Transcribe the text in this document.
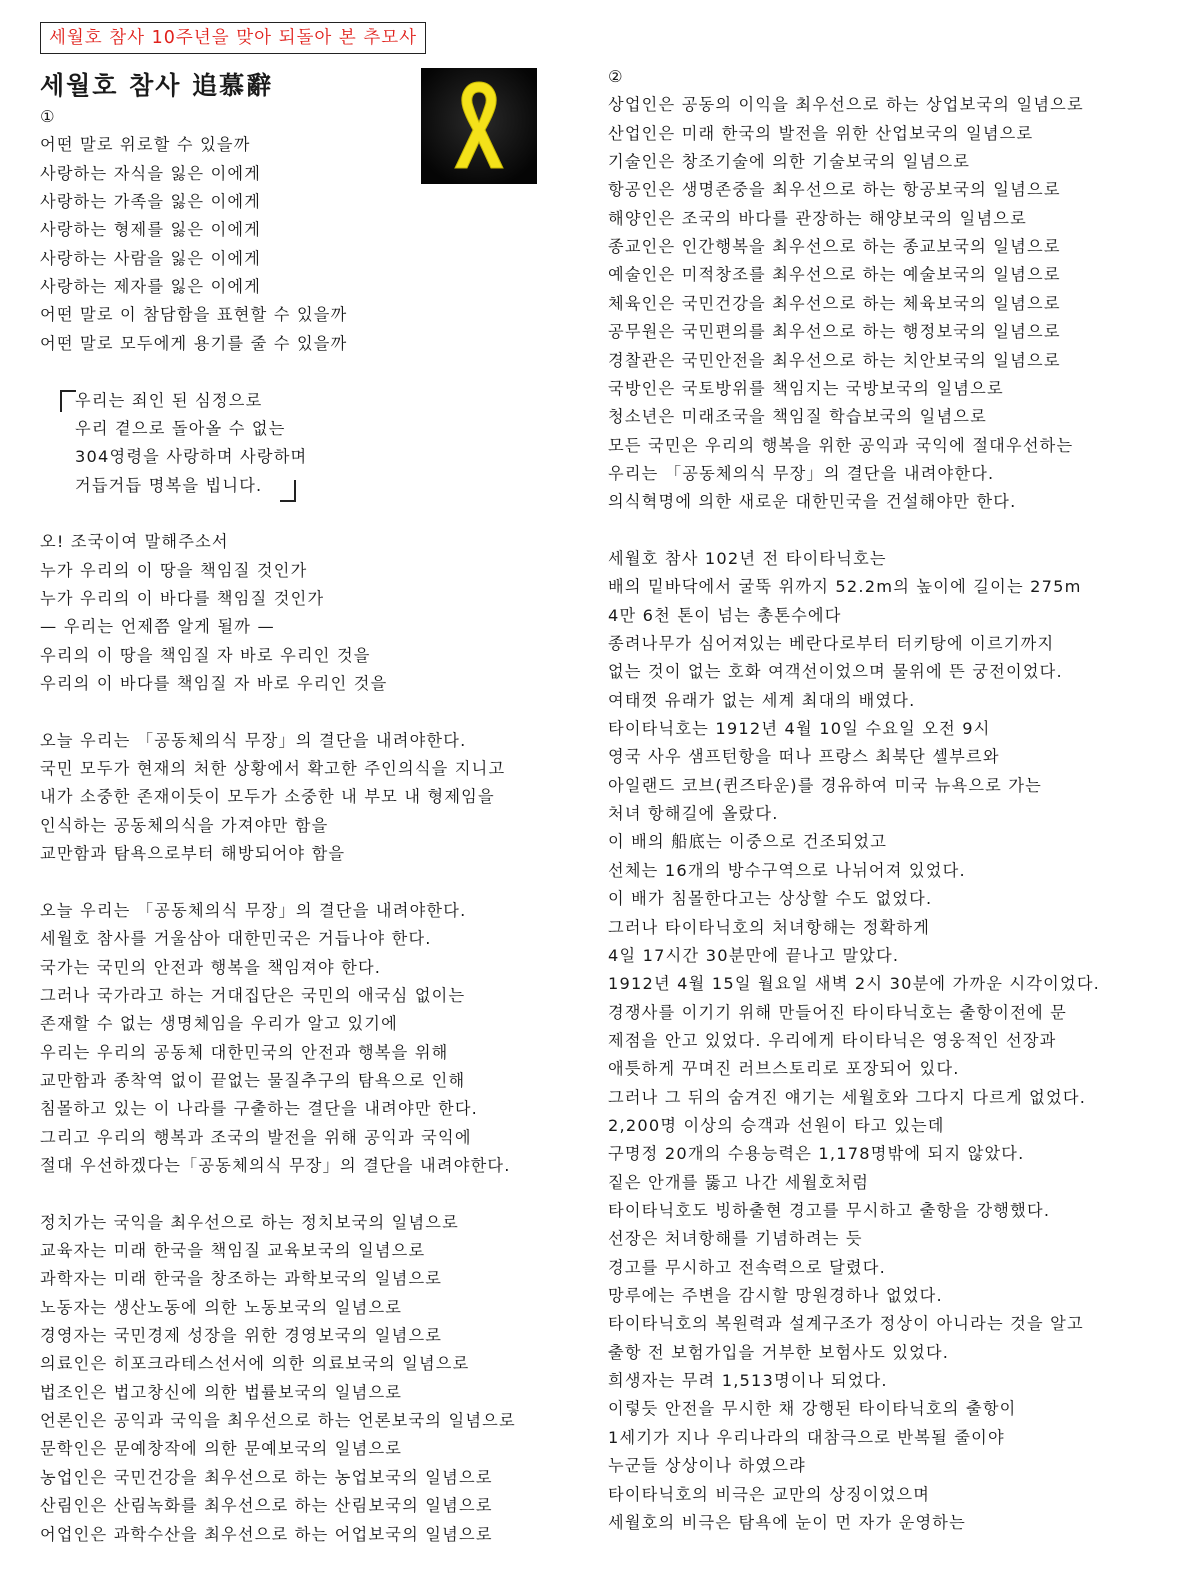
세월호 참사 10주년을 맞아 되돌아 본 추모사
세월호 참사 追慕辭
①
어떤 말로 위로할 수 있을까
사랑하는 자식을 잃은 이에게
사랑하는 가족을 잃은 이에게
사랑하는 형제를 잃은 이에게
사랑하는 사람을 잃은 이에게
사랑하는 제자를 잃은 이에게
어떤 말로 이 참담함을 표현할 수 있을까
어떤 말로 모두에게 용기를 줄 수 있을까
우리는 죄인 된 심정으로
우리 곁으로 돌아올 수 없는
304영령을 사랑하며 사랑하며
거듭거듭 명복을 빕니다.
오! 조국이여 말해주소서
누가 우리의 이 땅을 책임질 것인가
누가 우리의 이 바다를 책임질 것인가
— 우리는 언제쯤 알게 될까 —
우리의 이 땅을 책임질 자 바로 우리인 것을
우리의 이 바다를 책임질 자 바로 우리인 것을
오늘 우리는 「공동체의식 무장」의 결단을 내려야한다.
국민 모두가 현재의 처한 상황에서 확고한 주인의식을 지니고
내가 소중한 존재이듯이 모두가 소중한 내 부모 내 형제임을
인식하는 공동체의식을 가져야만 함을
교만함과 탐욕으로부터 해방되어야 함을
오늘 우리는 「공동체의식 무장」의 결단을 내려야한다.
세월호 참사를 거울삼아 대한민국은 거듭나야 한다.
국가는 국민의 안전과 행복을 책임져야 한다.
그러나 국가라고 하는 거대집단은 국민의 애국심 없이는
존재할 수 없는 생명체임을 우리가 알고 있기에
우리는 우리의 공동체 대한민국의 안전과 행복을 위해
교만함과 종착역 없이 끝없는 물질추구의 탐욕으로 인해
침몰하고 있는 이 나라를 구출하는 결단을 내려야만 한다.
그리고 우리의 행복과 조국의 발전을 위해 공익과 국익에
절대 우선하겠다는「공동체의식 무장」의 결단을 내려야한다.
정치가는 국익을 최우선으로 하는 정치보국의 일념으로
교육자는 미래 한국을 책임질 교육보국의 일념으로
과학자는 미래 한국을 창조하는 과학보국의 일념으로
노동자는 생산노동에 의한 노동보국의 일념으로
경영자는 국민경제 성장을 위한 경영보국의 일념으로
의료인은 히포크라테스선서에 의한 의료보국의 일념으로
법조인은 법고창신에 의한 법률보국의 일념으로
언론인은 공익과 국익을 최우선으로 하는 언론보국의 일념으로
문학인은 문예창작에 의한 문예보국의 일념으로
농업인은 국민건강을 최우선으로 하는 농업보국의 일념으로
산림인은 산림녹화를 최우선으로 하는 산림보국의 일념으로
어업인은 과학수산을 최우선으로 하는 어업보국의 일념으로
②
상업인은 공동의 이익을 최우선으로 하는 상업보국의 일념으로
산업인은 미래 한국의 발전을 위한 산업보국의 일념으로
기술인은 창조기술에 의한 기술보국의 일념으로
항공인은 생명존중을 최우선으로 하는 항공보국의 일념으로
해양인은 조국의 바다를 관장하는 해양보국의 일념으로
종교인은 인간행복을 최우선으로 하는 종교보국의 일념으로
예술인은 미적창조를 최우선으로 하는 예술보국의 일념으로
체육인은 국민건강을 최우선으로 하는 체육보국의 일념으로
공무원은 국민편의를 최우선으로 하는 행정보국의 일념으로
경찰관은 국민안전을 최우선으로 하는 치안보국의 일념으로
국방인은 국토방위를 책임지는 국방보국의 일념으로
청소년은 미래조국을 책임질 학습보국의 일념으로
모든 국민은 우리의 행복을 위한 공익과 국익에 절대우선하는
우리는 「공동체의식 무장」의 결단을 내려야한다.
의식혁명에 의한 새로운 대한민국을 건설해야만 한다.
세월호 참사 102년 전 타이타닉호는
배의 밑바닥에서 굴뚝 위까지 52.2m의 높이에 길이는 275m
4만 6천 톤이 넘는 총톤수에다
종려나무가 심어져있는 베란다로부터 터키탕에 이르기까지
없는 것이 없는 호화 여객선이었으며 물위에 뜬 궁전이었다.
여태껏 유래가 없는 세계 최대의 배였다.
타이타닉호는 1912년 4월 10일 수요일 오전 9시
영국 사우 샘프턴항을 떠나 프랑스 최북단 셸부르와
아일랜드 코브(퀸즈타운)를 경유하여 미국 뉴욕으로 가는
처녀 항해길에 올랐다.
이 배의 船底는 이중으로 건조되었고
선체는 16개의 방수구역으로 나뉘어져 있었다.
이 배가 침몰한다고는 상상할 수도 없었다.
그러나 타이타닉호의 처녀항해는 정확하게
4일 17시간 30분만에 끝나고 말았다.
1912년 4월 15일 월요일 새벽 2시 30분에 가까운 시각이었다.
경쟁사를 이기기 위해 만들어진 타이타닉호는 출항이전에 문
제점을 안고 있었다. 우리에게 타이타닉은 영웅적인 선장과
애틋하게 꾸며진 러브스토리로 포장되어 있다.
그러나 그 뒤의 숨겨진 얘기는 세월호와 그다지 다르게 없었다.
2,200명 이상의 승객과 선원이 타고 있는데
구명정 20개의 수용능력은 1,178명밖에 되지 않았다.
짙은 안개를 뚫고 나간 세월호처럼
타이타닉호도 빙하출현 경고를 무시하고 출항을 강행했다.
선장은 처녀항해를 기념하려는 듯
경고를 무시하고 전속력으로 달렸다.
망루에는 주변을 감시할 망원경하나 없었다.
타이타닉호의 복원력과 설계구조가 정상이 아니라는 것을 알고
출항 전 보험가입을 거부한 보험사도 있었다.
희생자는 무려 1,513명이나 되었다.
이렇듯 안전을 무시한 채 강행된 타이타닉호의 출항이
1세기가 지나 우리나라의 대참극으로 반복될 줄이야
누군들 상상이나 하였으랴
타이타닉호의 비극은 교만의 상징이었으며
세월호의 비극은 탐욕에 눈이 먼 자가 운영하는
